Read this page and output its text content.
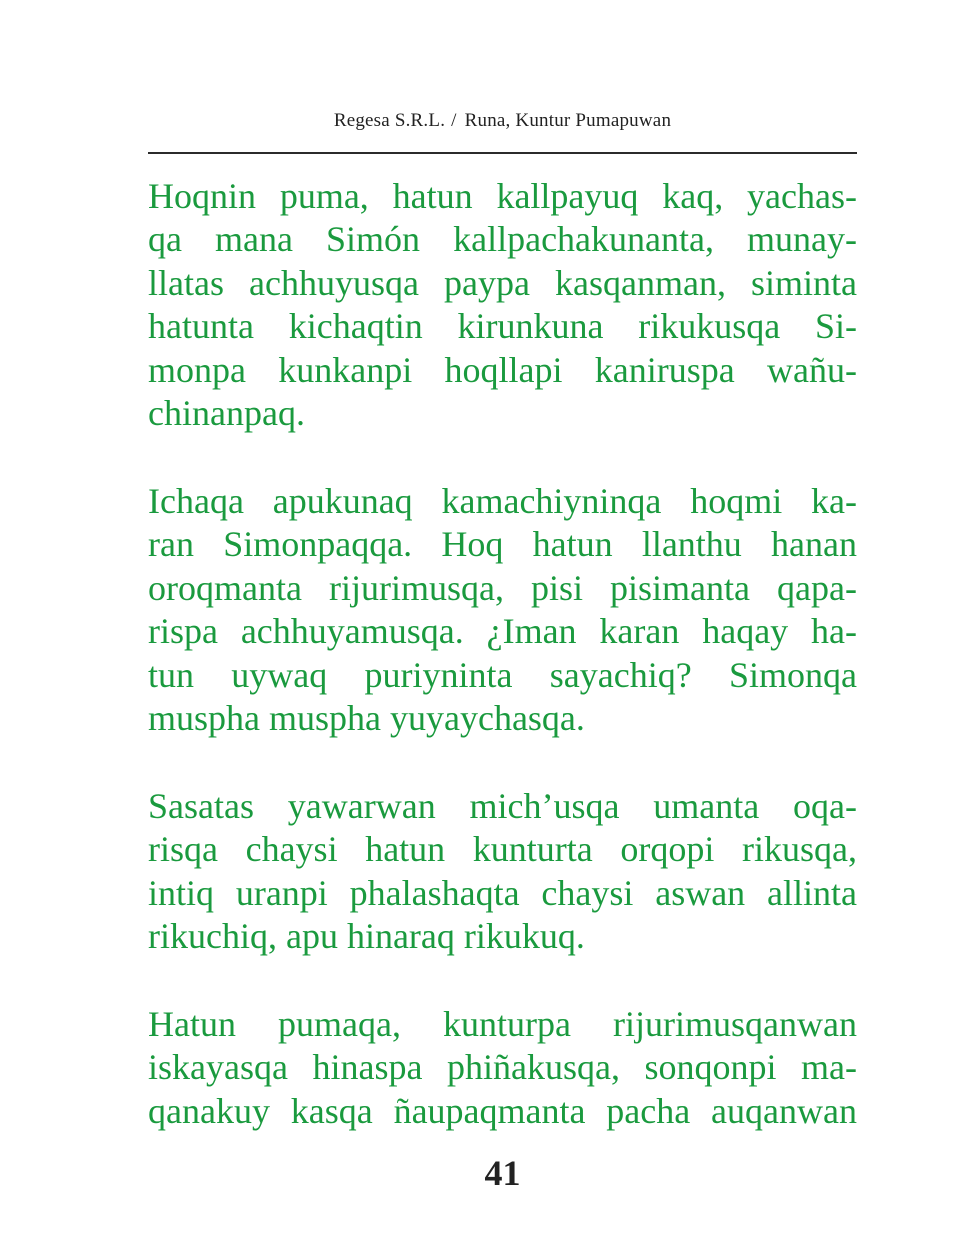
Regesa S.R.L. / Runa, Kuntur Pumapuwan
Hoqnin puma, hatun kallpayuq kaq, yachas-
qa mana Simón kallpachakunanta, munay-
llatas achhuyusqa paypa kasqanman, siminta
hatunta kichaqtin kirunkuna rikukusqa Si-
monpa kunkanpi hoqllapi kaniruspa wañu-
chinanpaq.
Ichaqa apukunaq kamachiyninqa hoqmi ka-
ran Simonpaqqa. Hoq hatun llanthu hanan
oroqmanta rijurimusqa, pisi pisimanta qapa-
rispa achhuyamusqa. ¿Iman karan haqay ha-
tun uywaq puriyninta sayachiq? Simonqa
muspha muspha yuyaychasqa.
Sasatas yawarwan mich’usqa umanta oqa-
risqa chaysi hatun kunturta orqopi rikusqa,
intiq uranpi phalashaqta chaysi aswan allinta
rikuchiq, apu hinaraq rikukuq.
Hatun pumaqa, kunturpa rijurimusqanwan
iskayasqa hinaspa phiñakusqa, sonqonpi ma-
qanakuy kasqa ñaupaqmanta pacha auqanwan
41
